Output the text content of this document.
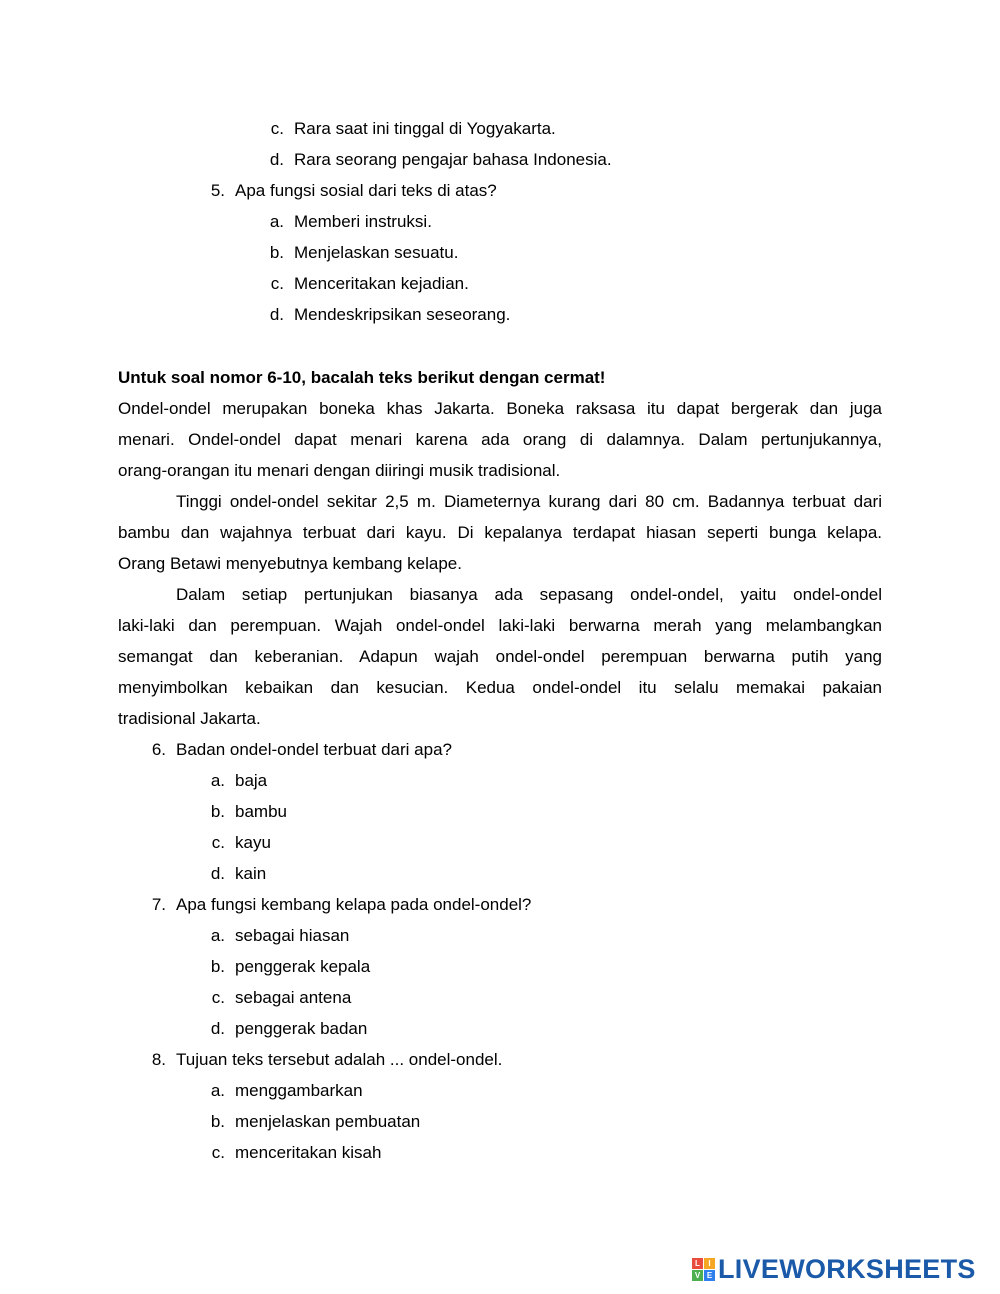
c. Rara saat ini tinggal di Yogyakarta.
d. Rara seorang pengajar bahasa Indonesia.
5. Apa fungsi sosial dari teks di atas?
a. Memberi instruksi.
b. Menjelaskan sesuatu.
c. Menceritakan kejadian.
d. Mendeskripsikan seseorang.
Untuk soal nomor 6-10, bacalah teks berikut dengan cermat!
Ondel-ondel merupakan boneka khas Jakarta. Boneka raksasa itu dapat bergerak dan juga
menari. Ondel-ondel dapat menari karena ada orang di dalamnya. Dalam pertunjukannya,
orang-orangan itu menari dengan diiringi musik tradisional.
Tinggi ondel-ondel sekitar 2,5 m. Diameternya kurang dari 80 cm. Badannya terbuat dari
bambu dan wajahnya terbuat dari kayu. Di kepalanya terdapat hiasan seperti bunga kelapa.
Orang Betawi menyebutnya kembang kelape.
Dalam setiap pertunjukan biasanya ada sepasang ondel-ondel, yaitu ondel-ondel
laki-laki dan perempuan. Wajah ondel-ondel laki-laki berwarna merah yang melambangkan
semangat dan keberanian. Adapun wajah ondel-ondel perempuan berwarna putih yang
menyimbolkan kebaikan dan kesucian. Kedua ondel-ondel itu selalu memakai pakaian
tradisional Jakarta.
6. Badan ondel-ondel terbuat dari apa?
a. baja
b. bambu
c. kayu
d. kain
7. Apa fungsi kembang kelapa pada ondel-ondel?
a. sebagai hiasan
b. penggerak kepala
c. sebagai antena
d. penggerak badan
8. Tujuan teks tersebut adalah ... ondel-ondel.
a. menggambarkan
b. menjelaskan pembuatan
c. menceritakan kisah
L	I
V E LIVEWORKSHEETS
